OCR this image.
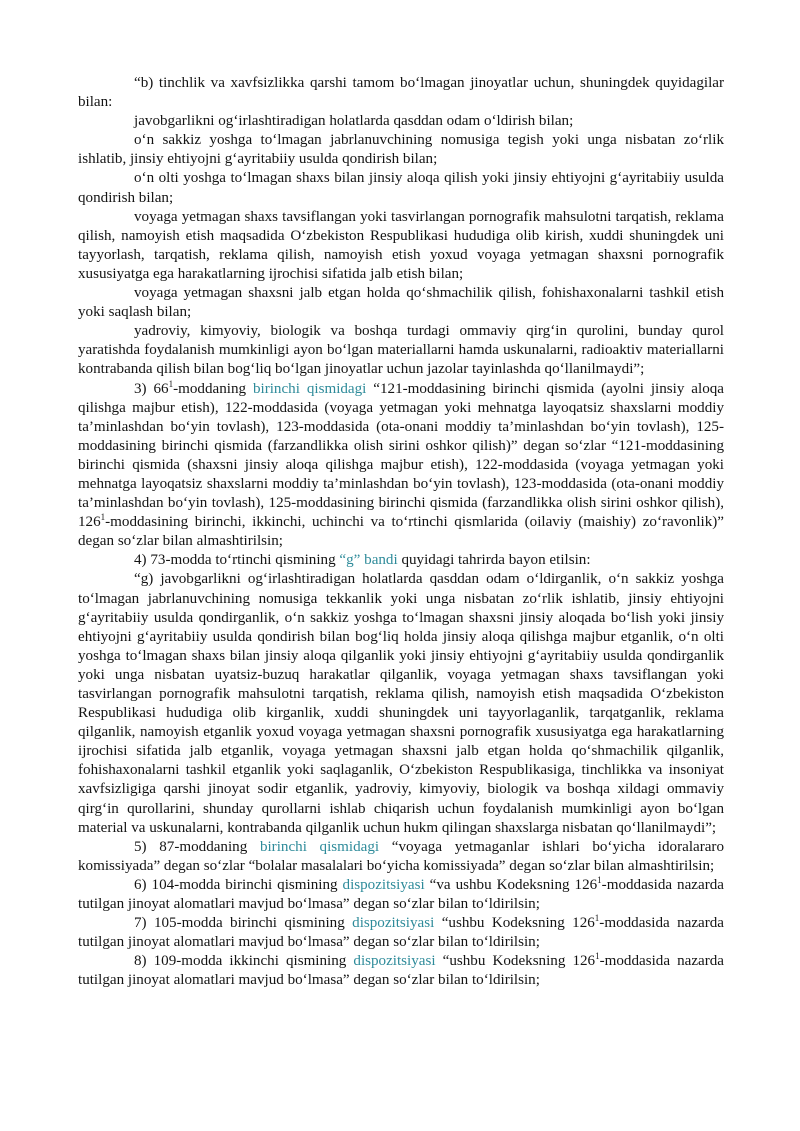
“b) tinchlik va xavfsizlikka qarshi tamom bo‘lmagan jinoyatlar uchun, shuningdek quyidagilar bilan:

javobgarlikni og‘irlashtiradigan holatlarda qasddan odam o‘ldirish bilan;

o‘n sakkiz yoshga to‘lmagan jabrlanuvchining nomusiga tegish yoki unga nisbatan zo‘rlik ishlatib, jinsiy ehtiyojni g‘ayritabiiy usulda qondirish bilan;

o‘n olti yoshga to‘lmagan shaxs bilan jinsiy aloqa qilish yoki jinsiy ehtiyojni g‘ayritabiiy usulda qondirish bilan;

voyaga yetmagan shaxs tavsiflangan yoki tasvirlangan pornografik mahsulotni tarqatish, reklama qilish, namoyish etish maqsadida O‘zbekiston Respublikasi hududiga olib kirish, xuddi shuningdek uni tayyorlash, tarqatish, reklama qilish, namoyish etish yoxud voyaga yetmagan shaxsni pornografik xususiyatga ega harakatlarning ijrochisi sifatida jalb etish bilan;

voyaga yetmagan shaxsni jalb etgan holda qo‘shmachilik qilish, fohishaxonalarni tashkil etish yoki saqlash bilan;

yadroviy, kimyoviy, biologik va boshqa turdagi ommaviy qirg‘in qurolini, bunday qurol yaratishda foydalanish mumkinligi ayon bo‘lgan materiallarni hamda uskunalarni, radioaktiv materiallarni kontrabanda qilish bilan bog‘liq bo‘lgan jinoyatlar uchun jazolar tayinlashda qo‘llanilmaydi”;

3) $66^1$-moddaning birinchi qismidagi “121-moddasining birinchi qismida (ayolni jinsiy aloqa qilishga majbur etish), 122-moddasida (voyaga yetmagan yoki mehnatga layoqatsiz shaxslarni moddiy ta’minlashdan bo‘yin tovlash), 123-moddasida (ota-onani moddiy ta’minlashdan bo‘yin tovlash), 125-moddasining birinchi qismida (farzandlikka olish sirini oshkor qilish)” degan so‘zlar “121-moddasining birinchi qismida (shaxsni jinsiy aloqa qilishga majbur etish), 122-moddasida (voyaga yetmagan yoki mehnatga layoqatsiz shaxslarni moddiy ta’minlashdan bo‘yin tovlash), 123-moddasida (ota-onani moddiy ta’minlashdan bo‘yin tovlash), 125-moddasining birinchi qismida (farzandlikka olish sirini oshkor qilish), $126^1$-moddasining birinchi, ikkinchi, uchinchi va to‘rtinchi qismlarida (oilaviy (maishiy) zo‘ravonlik)” degan so‘zlar bilan almashtirilsin;

4) 73-modda to‘rtinchi qismining “g” bandi quyidagi tahrirda bayon etilsin:

“g) javobgarlikni og‘irlashtiradigan holatlarda qasddan odam o‘ldirganlik, o‘n sakkiz yoshga to‘lmagan jabrlanuvchining nomusiga tekkanlik yoki unga nisbatan zo‘rlik ishlatib, jinsiy ehtiyojni g‘ayritabiiy usulda qondirganlik, o‘n sakkiz yoshga to‘lmagan shaxsni jinsiy aloqada bo‘lish yoki jinsiy ehtiyojni g‘ayritabiiy usulda qondirish bilan bog‘liq holda jinsiy aloqa qilishga majbur etganlik, o‘n olti yoshga to‘lmagan shaxs bilan jinsiy aloqa qilganlik yoki jinsiy ehtiyojni g‘ayritabiiy usulda qondirganlik yoki unga nisbatan uyatsiz-buzuq harakatlar qilganlik, voyaga yetmagan shaxs tavsiflangan yoki tasvirlangan pornografik mahsulotni tarqatish, reklama qilish, namoyish etish maqsadida O‘zbekiston Respublikasi hududiga olib kirganlik, xuddi shuningdek uni tayyorlaganlik, tarqatganlik, reklama qilganlik, namoyish etganlik yoxud voyaga yetmagan shaxsni pornografik xususiyatga ega harakatlarning ijrochisi sifatida jalb etganlik, voyaga yetmagan shaxsni jalb etgan holda qo‘shmachilik qilganlik, fohishaxonalarni tashkil etganlik yoki saqlaganlik, O‘zbekiston Respublikasiga, tinchlikka va insoniyat xavfsizligiga qarshi jinoyat sodir etganlik, yadroviy, kimyoviy, biologik va boshqa xildagi ommaviy qirg‘in qurollarini, shunday qurollarni ishlab chiqarish uchun foydalanish mumkinligi ayon bo‘lgan material va uskunalarni, kontrabanda qilganlik uchun hukm qilingan shaxslarga nisbatan qo‘llanilmaydi”;

5) 87-moddaning birinchi qismidagi “voyaga yetmaganlar ishlari bo‘yicha idoralararo komissiyada” degan so‘zlar “bolalar masalalari bo‘yicha komissiyada” degan so‘zlar bilan almashtirilsin;

6) 104-modda birinchi qismining dispozitsiyasi “va ushbu Kodeksning $126^1$-moddasida nazarda tutilgan jinoyat alomatlari mavjud bo‘lmasa” degan so‘zlar bilan to‘ldirilsin;

7) 105-modda birinchi qismining dispozitsiyasi “ushbu Kodeksning $126^1$-moddasida nazarda tutilgan jinoyat alomatlari mavjud bo‘lmasa” degan so‘zlar bilan to‘ldirilsin;

8) 109-modda ikkinchi qismining dispozitsiyasi “ushbu Kodeksning $126^1$-moddasida nazarda tutilgan jinoyat alomatlari mavjud bo‘lmasa” degan so‘zlar bilan to‘ldirilsin;
